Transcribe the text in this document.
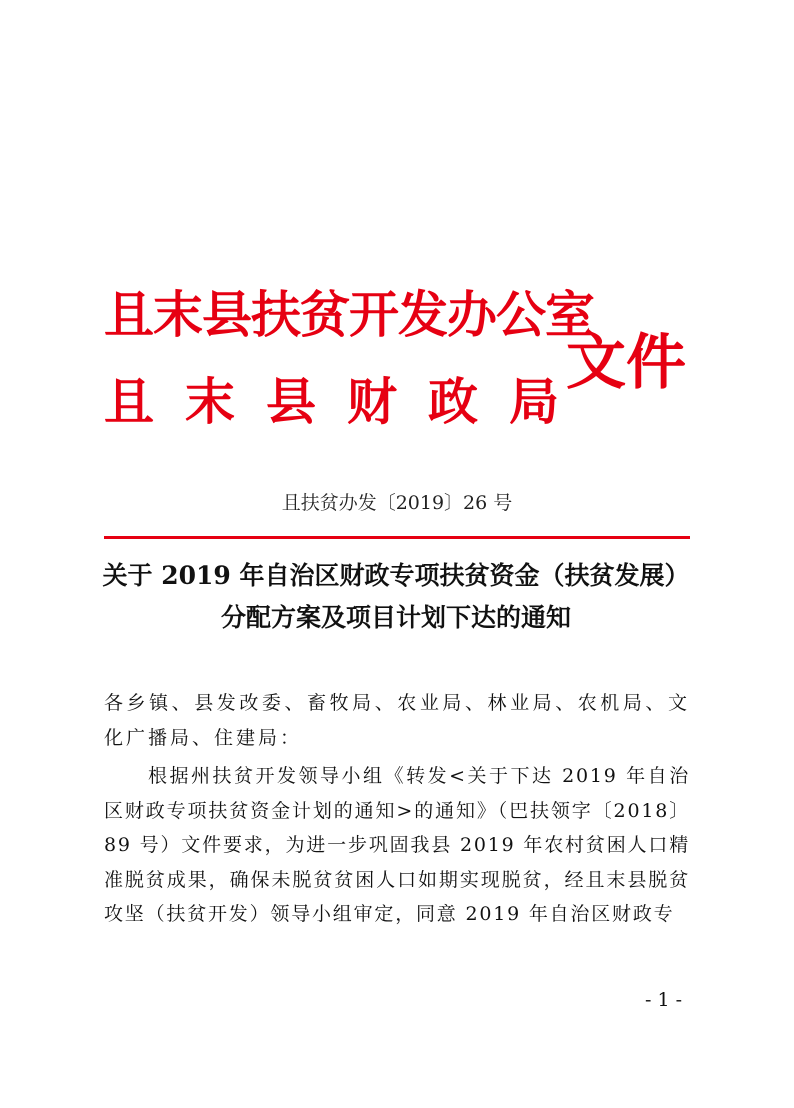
且末县扶贫开发办公室
且 末 县 财 政 局
文件
且扶贫办发〔2019〕26 号
关于 2019 年自治区财政专项扶贫资金（扶贫发展）
分配方案及项目计划下达的通知
各乡镇、县发改委、畜牧局、农业局、林业局、农机局、文化广播局、住建局：
根据州扶贫开发领导小组《转发<关于下达 2019 年自治区财政专项扶贫资金计划的通知>的通知》（巴扶领字〔2018〕89 号）文件要求，为进一步巩固我县 2019 年农村贫困人口精准脱贫成果，确保未脱贫贫困人口如期实现脱贫，经且末县脱贫攻坚（扶贫开发）领导小组审定，同意 2019 年自治区财政专
- 1 -
